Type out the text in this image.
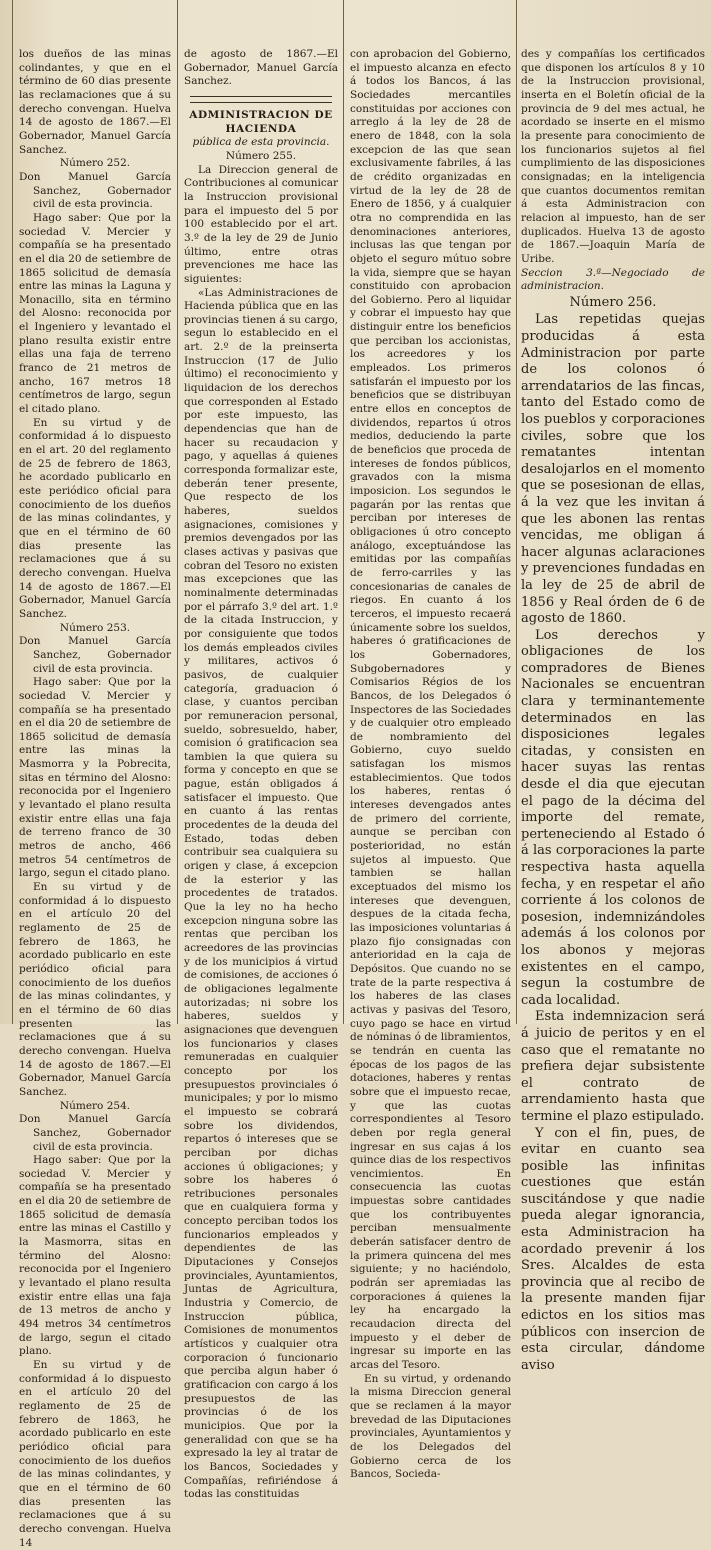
los dueños de las minas colindantes, y que en el término de 60 dias presente las reclamaciones que á su derecho convengan. Huelva 14 de agosto de 1867.—El Gobernador, Manuel García Sanchez.

Número 252.

Don Manuel García Sanchez, Gobernador civil de esta provincia.

Hago saber: Que por la sociedad V. Mercier y compañía se ha presentado en el dia 20 de setiembre de 1865 solicitud de demasía entre las minas la Laguna y Monacillo, sita en término del Alosno: reconocida por el Ingeniero y levantado el plano resulta existir entre ellas una faja de terreno franco de 21 metros de ancho, 167 metros 18 centímetros de largo, segun el citado plano.

En su virtud y de conformidad á lo dispuesto en el art. 20 del reglamento de 25 de febrero de 1863, he acordado publicarlo en este periódico oficial para conocimiento de los dueños de las minas colindantes, y que en el término de 60 dias presente las reclamaciones que á su derecho convengan. Huelva 14 de agosto de 1867.—El Gobernador, Manuel García Sanchez.

Número 253.

Don Manuel García Sanchez, Gobernador civil de esta provincia.

Hago saber: Que por la sociedad V. Mercier y compañía se ha presentado en el dia 20 de setiembre de 1865 solicitud de demasía entre las minas la Masmorra y la Pobrecita, sitas en término del Alosno: reconocida por el Ingeniero y levantado el plano resulta existir entre ellas una faja de terreno franco de 30 metros de ancho, 466 metros 54 centímetros de largo, segun el citado plano.

En su virtud y de conformidad á lo dispuesto en el artículo 20 del reglamento de 25 de febrero de 1863, he acordado publicarlo en este periódico oficial para conocimiento de los dueños de las minas colindantes, y en el término de 60 dias presenten las reclamaciones que á su derecho convengan. Huelva 14 de agosto de 1867.—El Gobernador, Manuel García Sanchez.

Número 254.

Don Manuel García Sanchez, Gobernador civil de esta provincia.

Hago saber: Que por la sociedad V. Mercier y compañía se ha presentado en el dia 20 de setiembre de 1865 solicitud de demasía entre las minas el Castillo y la Masmorra, sitas en término del Alosno: reconocida por el Ingeniero y levantado el plano resulta existir entre ellas una faja de 13 metros de ancho y 494 metros 34 centímetros de largo, segun el citado plano.

En su virtud y de conformidad á lo dispuesto en el artículo 20 del reglamento de 25 de febrero de 1863, he acordado publicarlo en este periódico oficial para conocimiento de los dueños de las minas colindantes, y que en el término de 60 dias presenten las reclamaciones que á su derecho convengan. Huelva 14

de agosto de 1867.—El Gobernador, Manuel García Sanchez.

ADMINISTRACION DE HACIENDA

pública de esta provincia.

Número 255.

La Direccion general de Contribuciones al comunicar la Instruccion provisional para el impuesto del 5 por 100 establecido por el art. 3.º de la ley de 29 de Junio último, entre otras prevenciones me hace las siguientes:

«Las Administraciones de Hacienda pública que en las provincias tienen á su cargo, segun lo establecido en el art. 2.º de la preinserta Instruccion (17 de Julio último) el reconocimiento y liquidacion de los derechos que corresponden al Estado por este impuesto, las dependencias que han de hacer su recaudacion y pago, y aquellas á quienes corresponda formalizar este, deberán tener presente, Que respecto de los haberes, sueldos asignaciones, comisiones y premios devengados por las clases activas y pasivas que cobran del Tesoro no existen mas excepciones que las nominalmente determinadas por el párrafo 3.º del art. 1.º de la citada Instruccion, y por consiguiente que todos los demás empleados civiles y militares, activos ó pasivos, de cualquier categoría, graduacion ó clase, y cuantos perciban por remuneracion personal, sueldo, sobresueldo, haber, comision ó gratificacion sea tambien la que quiera su forma y concepto en que se pague, están obligados á satisfacer el impuesto. Que en cuanto á las rentas procedentes de la deuda del Estado, todas deben contribuir sea cualquiera su origen y clase, á excepcion de la esterior y las procedentes de tratados. Que la ley no ha hecho excepcion ninguna sobre las rentas que perciban los acreedores de las provincias y de los municipios á virtud de comisiones, de acciones ó de obligaciones legalmente autorizadas; ni sobre los haberes, sueldos y asignaciones que devenguen los funcionarios y clases remuneradas en cualquier concepto por los presupuestos provinciales ó municipales; y por lo mismo el impuesto se cobrará sobre los dividendos, repartos ó intereses que se perciban por dichas acciones ú obligaciones; y sobre los haberes ó retribuciones personales que en cualquiera forma y concepto perciban todos los funcionarios empleados y dependientes de las Diputaciones y Consejos provinciales, Ayuntamientos, Juntas de Agricultura, Industria y Comercio, de Instruccion pública, Comisiones de monumentos artísticos y cualquier otra corporacion ó funcionario que perciba algun haber ó gratificacion con cargo á los presupuestos de las provincias ó de los municipios. Que por la generalidad con que se ha expresado la ley al tratar de los Bancos, Sociedades y Compañías, refiriéndose á todas las constituidas

con aprobacion del Gobierno, el impuesto alcanza en efecto á todos los Bancos, á las Sociedades mercantiles constituidas por acciones con arreglo á la ley de 28 de enero de 1848, con la sola excepcion de las que sean exclusivamente fabriles, á las de crédito organizadas en virtud de la ley de 28 de Enero de 1856, y á cualquier otra no comprendida en las denominaciones anteriores, inclusas las que tengan por objeto el seguro mútuo sobre la vida, siempre que se hayan constituido con aprobacion del Gobierno. Pero al liquidar y cobrar el impuesto hay que distinguir entre los beneficios que perciban los accionistas, los acreedores y los empleados. Los primeros satisfarán el impuesto por los beneficios que se distribuyan entre ellos en conceptos de dividendos, repartos ú otros medios, deduciendo la parte de beneficios que proceda de intereses de fondos públicos, gravados con la misma imposicion. Los segundos le pagarán por las rentas que perciban por intereses de obligaciones ú otro concepto análogo, exceptuándose las emitidas por las compañías de ferro-carriles y las concesionarias de canales de riegos. En cuanto á los terceros, el impuesto recaerá únicamente sobre los sueldos, haberes ó gratificaciones de los Gobernadores, Subgobernadores y Comisarios Régios de los Bancos, de los Delegados ó Inspectores de las Sociedades y de cualquier otro empleado de nombramiento del Gobierno, cuyo sueldo satisfagan los mismos establecimientos. Que todos los haberes, rentas ó intereses devengados antes de primero del corriente, aunque se perciban con posterioridad, no están sujetos al impuesto. Que tambien se hallan exceptuados del mismo los intereses que devenguen, despues de la citada fecha, las imposiciones voluntarias á plazo fijo consignadas con anterioridad en la caja de Depósitos. Que cuando no se trate de la parte respectiva á los haberes de las clases activas y pasivas del Tesoro, cuyo pago se hace en virtud de nóminas ó de libramientos, se tendrán en cuenta las épocas de los pagos de las dotaciones, haberes y rentas sobre que el impuesto recae, y que las cuotas correspondientes al Tesoro deben por regla general ingresar en sus cajas á los quince dias de los respectivos vencimientos. En consecuencia las cuotas impuestas sobre cantidades que los contribuyentes perciban mensualmente deberán satisfacer dentro de la primera quincena del mes siguiente; y no haciéndolo, podrán ser apremiadas las corporaciones á quienes la ley ha encargado la recaudacion directa del impuesto y el deber de ingresar su importe en las arcas del Tesoro.

En su virtud, y ordenando la misma Direccion general que se reclamen á la mayor brevedad de las Diputaciones provinciales, Ayuntamientos y de los Delegados del Gobierno cerca de los Bancos, Socieda-

des y compañías los certificados que disponen los artículos 8 y 10 de la Instruccion provisional, inserta en el Boletín oficial de la provincia de 9 del mes actual, he acordado se inserte en el mismo la presente para conocimiento de los funcionarios sujetos al fiel cumplimiento de las disposiciones consignadas; en la inteligencia que cuantos documentos remitan á esta Administracion con relacion al impuesto, han de ser duplicados. Huelva 13 de agosto de 1867.—Joaquin María de Uribe.

Seccion 3.ª—Negociado de administracion.

Número 256.

Las repetidas quejas producidas á esta Administracion por parte de los colonos ó arrendatarios de las fincas, tanto del Estado como de los pueblos y corporaciones civiles, sobre que los rematantes intentan desalojarlos en el momento que se posesionan de ellas, á la vez que les invitan á que les abonen las rentas vencidas, me obligan á hacer algunas aclaraciones y prevenciones fundadas en la ley de 25 de abril de 1856 y Real órden de 6 de agosto de 1860.

Los derechos y obligaciones de los compradores de Bienes Nacionales se encuentran clara y terminantemente determinados en las disposiciones legales citadas, y consisten en hacer suyas las rentas desde el dia que ejecutan el pago de la décima del importe del remate, perteneciendo al Estado ó á las corporaciones la parte respectiva hasta aquella fecha, y en respetar el año corriente á los colonos de posesion, indemnizándoles además á los colonos por los abonos y mejoras existentes en el campo, segun la costumbre de cada localidad.

Esta indemnizacion será á juicio de peritos y en el caso que el rematante no prefiera dejar subsistente el contrato de arrendamiento hasta que termine el plazo estipulado.

Y con el fin, pues, de evitar en cuanto sea posible las infinitas cuestiones que están suscitándose y que nadie pueda alegar ignorancia, esta Administracion ha acordado prevenir á los Sres. Alcaldes de esta provincia que al recibo de la presente manden fijar edictos en los sitios mas públicos con insercion de esta circular, dándome aviso
